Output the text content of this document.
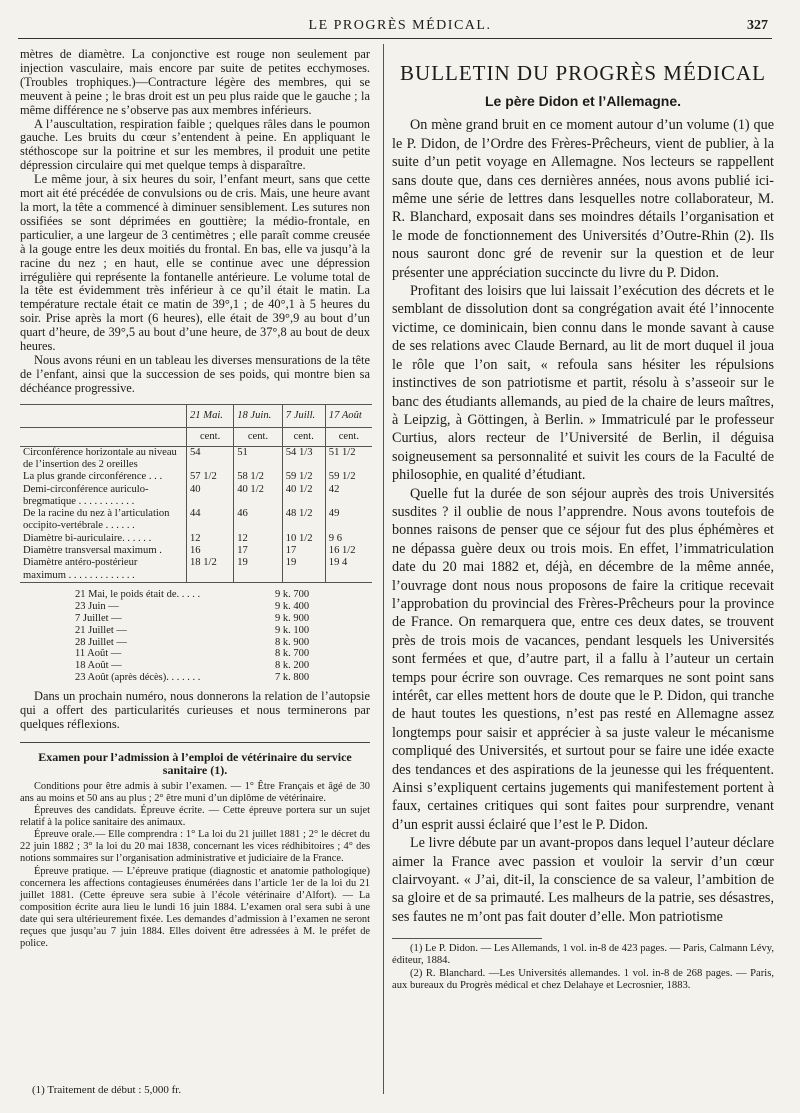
LE PROGRÈS MÉDICAL.	327

mètres de diamètre. La conjonctive est rouge non seulement par injection vasculaire, mais encore par suite de petites ecchymoses. (Troubles trophiques.)—Contracture légère des membres, qui se meuvent à peine ; le bras droit est un peu plus raide que le gauche ; la même différence ne s’observe pas aux membres inférieurs.

A l’auscultation, respiration faible ; quelques râles dans le poumon gauche. Les bruits du cœur s’entendent à peine. En appliquant le stéthoscope sur la poitrine et sur les membres, il produit une petite dépression circulaire qui met quelque temps à disparaître.

Le même jour, à six heures du soir, l’enfant meurt, sans que cette mort ait été précédée de convulsions ou de cris. Mais, une heure avant la mort, la tête a commencé à diminuer sensiblement. Les sutures non ossifiées se sont déprimées en gouttière; la médio-frontale, en particulier, a une largeur de 3 centimètres ; elle paraît comme creusée à la gouge entre les deux moitiés du frontal. En bas, elle va jusqu’à la racine du nez ; en haut, elle se continue avec une dépression irrégulière qui représente la fontanelle antérieure. Le volume total de la tête est évidemment très inférieur à ce qu’il était le matin. La température rectale était ce matin de 39°,1 ; de 40°,1 à 5 heures du soir. Prise après la mort (6 heures), elle était de 39°,9 au bout d’un quart d’heure, de 39°,5 au bout d’une heure, de 37°,8 au bout de deux heures.

Nous avons réuni en un tableau les diverses mensurations de la tête de l’enfant, ainsi que la succession de ses poids, qui montre bien sa déchéance progressive.

	21 Mai.	18 Juin.	7 Juill.	17 Août
	cent.	cent.	cent.	cent.
Circonférence horizontale au niveau de l’insertion des 2 oreilles	54	51	54 1/3	51 1/2
La plus grande circonférence . . .	57 1/2	58 1/2	59 1/2	59 1/2
Demi-circonférence auriculo-bregmatique . . . . . . . . . . .	40	40 1/2	40 1/2	42
De la racine du nez à l’articulation occipito-vertébrale . . . . . .	44	46	48 1/2	49
Diamètre bi-auriculaire. . . . . .	12	12	10 1/2	9 6
Diamètre transversal maximum .	16	17	17	16 1/2
Diamètre antéro-postérieur maximum . . . . . . . . . . . . .	18 1/2	19	19	19 4
21 Mai, le poids était de. . . . .	9 k. 700
23 Juin —	9 k. 400
7 Juillet —	9 k. 900
21 Juillet —	9 k. 100
28 Juillet —	8 k. 900
11 Août —	8 k. 700
18 Août —	8 k. 200
23 Août (après décès). . . . . . .	7 k. 800

Dans un prochain numéro, nous donnerons la relation de l’autopsie qui a offert des particularités curieuses et nous terminerons par quelques réflexions.

Examen pour l’admission à l’emploi de vétérinaire du service sanitaire (1).

Conditions pour être admis à subir l’examen. — 1° Être Français et âgé de 30 ans au moins et 50 ans au plus ; 2° être muni d’un diplôme de vétérinaire.

Épreuves des candidats. Épreuve écrite. — Cette épreuve portera sur un sujet relatif à la police sanitaire des animaux.

Épreuve orale.— Elle comprendra : 1° La loi du 21 juillet 1881 ; 2° le décret du 22 juin 1882 ; 3° la loi du 20 mai 1838, concernant les vices rédhibitoires ; 4° des notions sommaires sur l’organisation administrative et judiciaire de la France.

Épreuve pratique. — L’épreuve pratique (diagnostic et anatomie pathologique) concernera les affections contagieuses énumérées dans l’article 1er de la loi du 21 juillet 1881. (Cette épreuve sera subie à l’école vétérinaire d’Alfort). — La composition écrite aura lieu le lundi 16 juin 1884. L’examen oral sera subi à une date qui sera ultérieurement fixée. Les demandes d’admission à l’examen ne seront reçues que jusqu’au 7 juin 1884. Elles doivent être adressées à M. le préfet de police.

(1) Traitement de début : 5,000 fr.
BULLETIN DU PROGRÈS MÉDICAL
Le père Didon et l’Allemagne.

On mène grand bruit en ce moment autour d’un volume (1) que le P. Didon, de l’Ordre des Frères-Prêcheurs, vient de publier, à la suite d’un petit voyage en Allemagne. Nos lecteurs se rappellent sans doute que, dans ces dernières années, nous avons publié ici-même une série de lettres dans lesquelles notre collaborateur, M. R. Blanchard, exposait dans ses moindres détails l’organisation et le mode de fonctionnement des Universités d’Outre-Rhin (2). Ils nous sauront donc gré de revenir sur la question et de leur présenter une appréciation succincte du livre du P. Didon.

Profitant des loisirs que lui laissait l’exécution des décrets et le semblant de dissolution dont sa congrégation avait été l’innocente victime, ce dominicain, bien connu dans le monde savant à cause de ses relations avec Claude Bernard, au lit de mort duquel il joua le rôle que l’on sait, « refoula sans hésiter les répulsions instinctives de son patriotisme et partit, résolu à s’asseoir sur le banc des étudiants allemands, au pied de la chaire de leurs maîtres, à Leipzig, à Göttingen, à Berlin. » Immatriculé par le professeur Curtius, alors recteur de l’Université de Berlin, il déguisa soigneusement sa personnalité et suivit les cours de la Faculté de philosophie, en qualité d’étudiant.

Quelle fut la durée de son séjour auprès des trois Universités susdites ? il oublie de nous l’apprendre. Nous avons toutefois de bonnes raisons de penser que ce séjour fut des plus éphémères et ne dépassa guère deux ou trois mois. En effet, l’immatriculation date du 20 mai 1882 et, déjà, en décembre de la même année, l’ouvrage dont nous nous proposons de faire la critique recevait l’approbation du provincial des Frères-Prêcheurs pour la province de France. On remarquera que, entre ces deux dates, se trouvent près de trois mois de vacances, pendant lesquels les Universités sont fermées et que, d’autre part, il a fallu à l’auteur un certain temps pour écrire son ouvrage. Ces remarques ne sont point sans intérêt, car elles mettent hors de doute que le P. Didon, qui tranche de haut toutes les questions, n’est pas resté en Allemagne assez longtemps pour saisir et apprécier à sa juste valeur le mécanisme compliqué des Universités, et surtout pour se faire une idée exacte des tendances et des aspirations de la jeunesse qui les fréquentent. Ainsi s’expliquent certains jugements qui manifestement portent à faux, certaines critiques qui sont faites pour surprendre, venant d’un esprit aussi éclairé que l’est le P. Didon.

Le livre débute par un avant-propos dans lequel l’auteur déclare aimer la France avec passion et vouloir la servir d’un cœur clairvoyant. « J’ai, dit-il, la conscience de sa valeur, l’ambition de sa gloire et de sa primauté. Les malheurs de la patrie, ses désastres, ses fautes ne m’ont pas fait douter d’elle. Mon patriotisme

(1) Le P. Didon. — Les Allemands, 1 vol. in-8 de 423 pages. — Paris, Calmann Lévy, éditeur, 1884.

(2) R. Blanchard. —Les Universités allemandes. 1 vol. in-8 de 268 pages. — Paris, aux bureaux du Progrès médical et chez Delahaye et Lecrosnier, 1883.
